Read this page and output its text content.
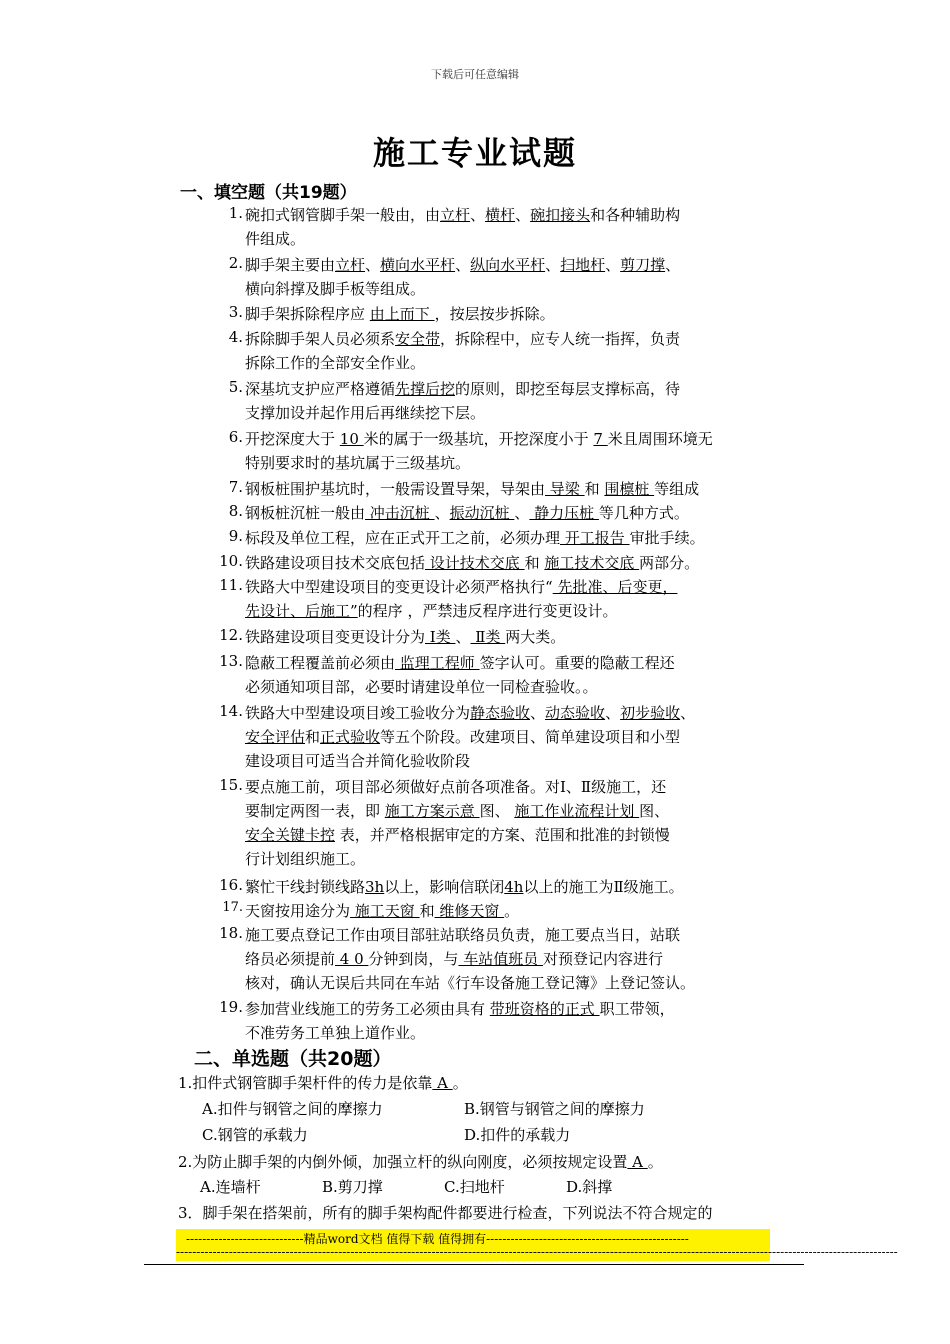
下载后可任意编辑
施工专业试题
一、填空题（共19题）
1. 碗扣式钢管脚手架一般由，由立杆、横杆、碗扣接头和各种辅助构
件组成。
2. 脚手架主要由立杆、横向水平杆、纵向水平杆、扫地杆、剪刀撑、
横向斜撑及脚手板等组成。
3. 脚手架拆除程序应 由上而下 ，按层按步拆除。
4. 拆除脚手架人员必须系安全带，拆除程中，应专人统一指挥，负责
拆除工作的全部安全作业。
5. 深基坑支护应严格遵循先撑后挖的原则，即挖至每层支撑标高，待
支撑加设并起作用后再继续挖下层。
6. 开挖深度大于 10 米的属于一级基坑，开挖深度小于 7 米且周围环境无
特别要求时的基坑属于三级基坑。
7. 钢板桩围护基坑时，一般需设置导架，导架由 导梁 和 围檩桩 等组成
8. 钢板桩沉桩一般由 冲击沉桩 、振动沉桩 、 静力压桩 等几种方式。
9. 标段及单位工程，应在正式开工之前，必须办理 开工报告 审批手续。
10. 铁路建设项目技术交底包括 设计技术交底 和 施工技术交底 两部分。
11. 铁路大中型建设项目的变更设计必须严格执行“ 先批准、后变更，
先设计、后施工”的程序 ，严禁违反程序进行变更设计。
12. 铁路建设项目变更设计分为 Ⅰ类 、 Ⅱ类 两大类。
13. 隐蔽工程覆盖前必须由 监理工程师 签字认可。重要的隐蔽工程还
必须通知项目部，必要时请建设单位一同检查验收。。
14. 铁路大中型建设项目竣工验收分为静态验收、动态验收、初步验收、
安全评估和正式验收等五个阶段。改建项目、简单建设项目和小型
建设项目可适当合并简化验收阶段
15. 要点施工前，项目部必须做好点前各项准备。对Ⅰ、Ⅱ级施工，还
要制定两图一表，即 施工方案示意 图、 施工作业流程计划 图、
安全关键卡控 表，并严格根据审定的方案、范围和批准的封锁慢
行计划组织施工。
16. 繁忙干线封锁线路3h以上，影响信联闭4h以上的施工为Ⅱ级施工。
17. 天窗按用途分为 施工天窗 和 维修天窗 。
18. 施工要点登记工作由项目部驻站联络员负责，施工要点当日，站联
络员必须提前 4 0 分钟到岗，与 车站值班员 对预登记内容进行
核对，确认无误后共同在车站《行车设备施工登记簿》上登记签认。
19. 参加营业线施工的劳务工必须由具有 带班资格的正式 职工带领，
不准劳务工单独上道作业。
二、单选题（共20题）
1.扣件式钢管脚手架杆件的传力是依靠 A 。
A.扣件与钢管之间的摩擦力	B.钢管与钢管之间的摩擦力
C.钢管的承载力	D.扣件的承载力
2.为防止脚手架的内倒外倾，加强立杆的纵向刚度，必须按规定设置 A 。
A.连墙杆	B.剪刀撑	C.扫地杆	D.斜撑
3．脚手架在搭架前，所有的脚手架构配件都要进行检查，下列说法不符合规定的
-----------------------------精品word文档 值得下载 值得拥有--------------------------------------------------
----------------------------------------------------------------------------------------------------------------------------------------------------------------------------------
